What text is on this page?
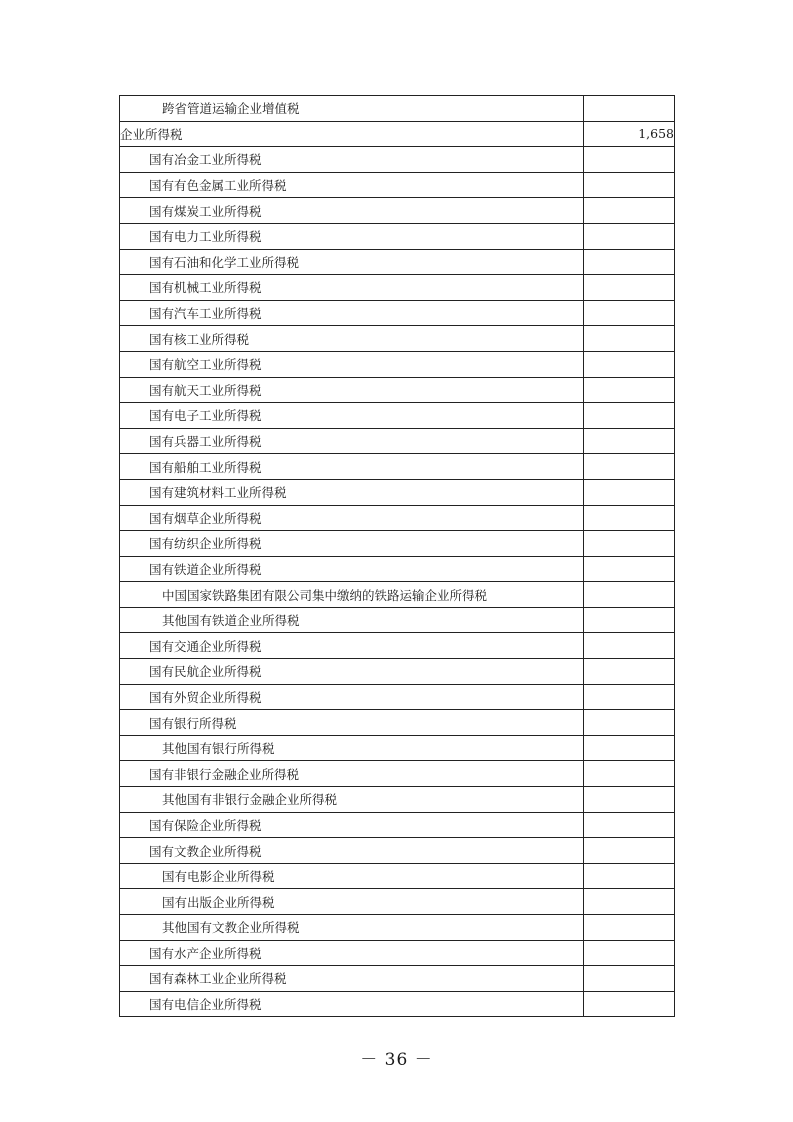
跨省管道运输企业增值税	
企业所得税	1,658
国有冶金工业所得税	
国有有色金属工业所得税	
国有煤炭工业所得税	
国有电力工业所得税	
国有石油和化学工业所得税	
国有机械工业所得税	
国有汽车工业所得税	
国有核工业所得税	
国有航空工业所得税	
国有航天工业所得税	
国有电子工业所得税	
国有兵器工业所得税	
国有船舶工业所得税	
国有建筑材料工业所得税	
国有烟草企业所得税	
国有纺织企业所得税	
国有铁道企业所得税	
中国国家铁路集团有限公司集中缴纳的铁路运输企业所得税	
其他国有铁道企业所得税	
国有交通企业所得税	
国有民航企业所得税	
国有外贸企业所得税	
国有银行所得税	
其他国有银行所得税	
国有非银行金融企业所得税	
其他国有非银行金融企业所得税	
国有保险企业所得税	
国有文教企业所得税	
国有电影企业所得税	
国有出版企业所得税	
其他国有文教企业所得税	
国有水产企业所得税	
国有森林工业企业所得税	
国有电信企业所得税	
－ 36 －
